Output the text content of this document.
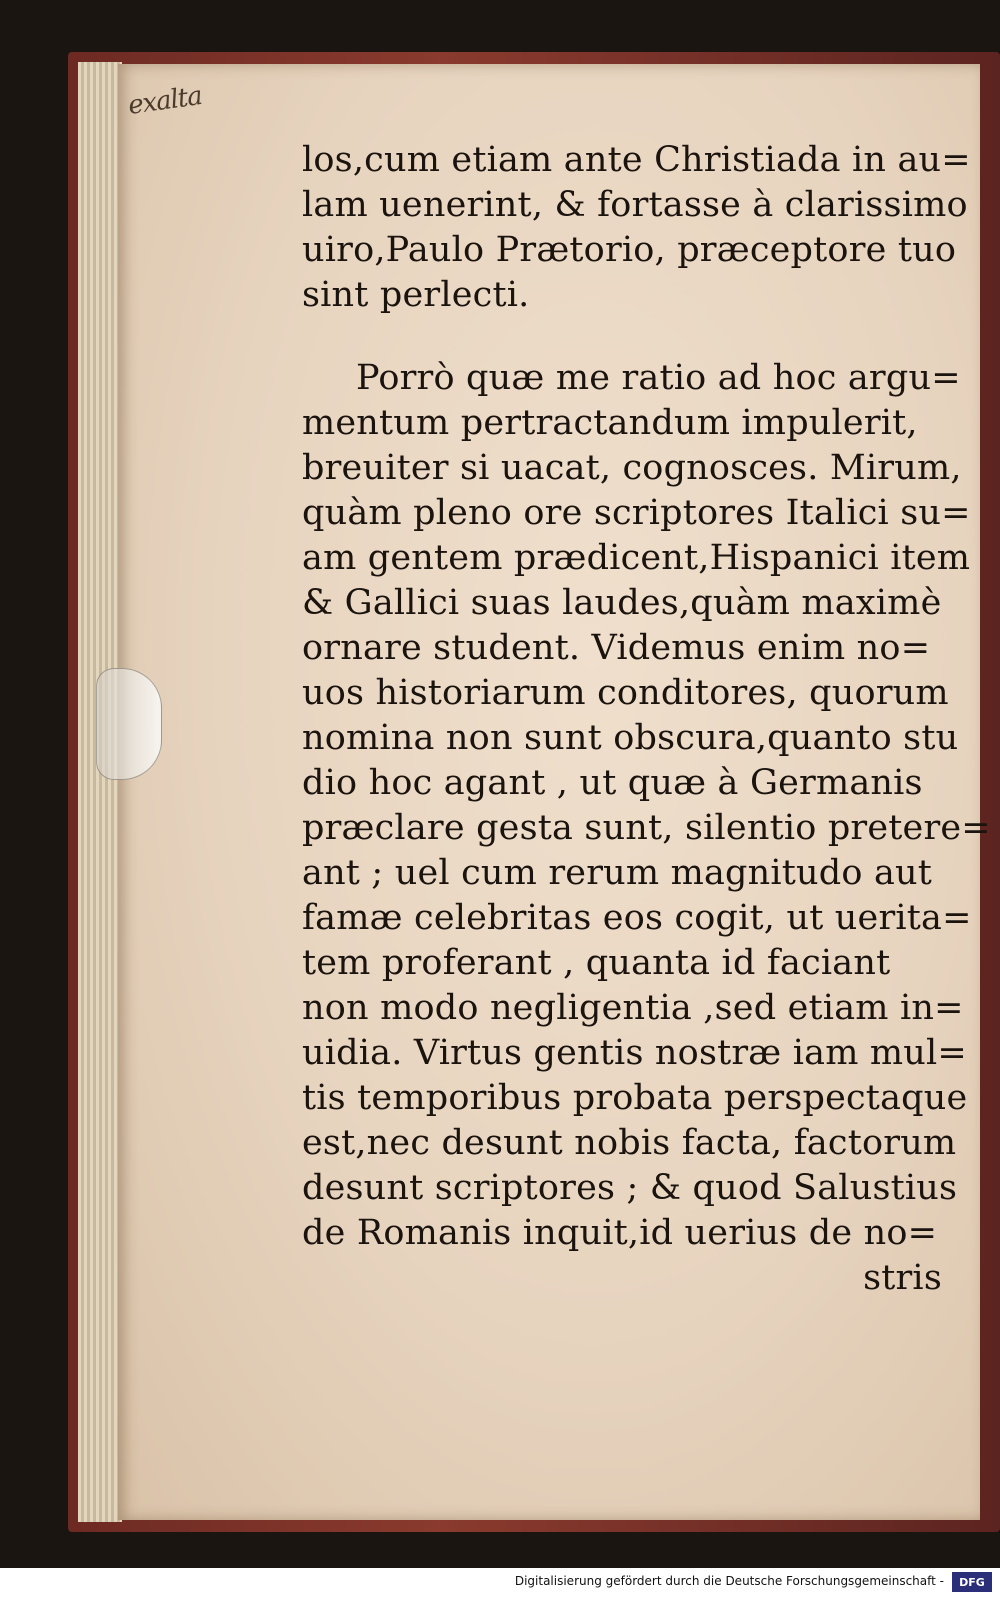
exalta
los,cum etiam ante Christiada in au=
lam uenerint, & fortasse à clarissimo
uiro,Paulo Prætorio, præceptore tuo
sint perlecti.
Porrò quæ me ratio ad hoc argu=
mentum pertractandum impulerit,
breuiter si uacat, cognosces. Mirum,
quàm pleno ore scriptores Italici su=
am gentem prædicent,Hispanici item
& Gallici suas laudes,quàm maximè
ornare student. Videmus enim no=
uos historiarum conditores, quorum
nomina non sunt obscura,quanto stu
dio hoc agant , ut quæ à Germanis
præclare gesta sunt, silentio pretere=
ant ; uel cum rerum magnitudo aut
famæ celebritas eos cogit, ut uerita=
tem proferant , quanta id faciant
non modo negligentia ,sed etiam in=
uidia. Virtus gentis nostræ iam mul=
tis temporibus probata perspectaque
est,nec desunt nobis facta, factorum
desunt scriptores ; & quod Salustius
de Romanis inquit,id uerius de no=
stris
Digitalisierung gefördert durch die Deutsche Forschungsgemeinschaft -	DFG
